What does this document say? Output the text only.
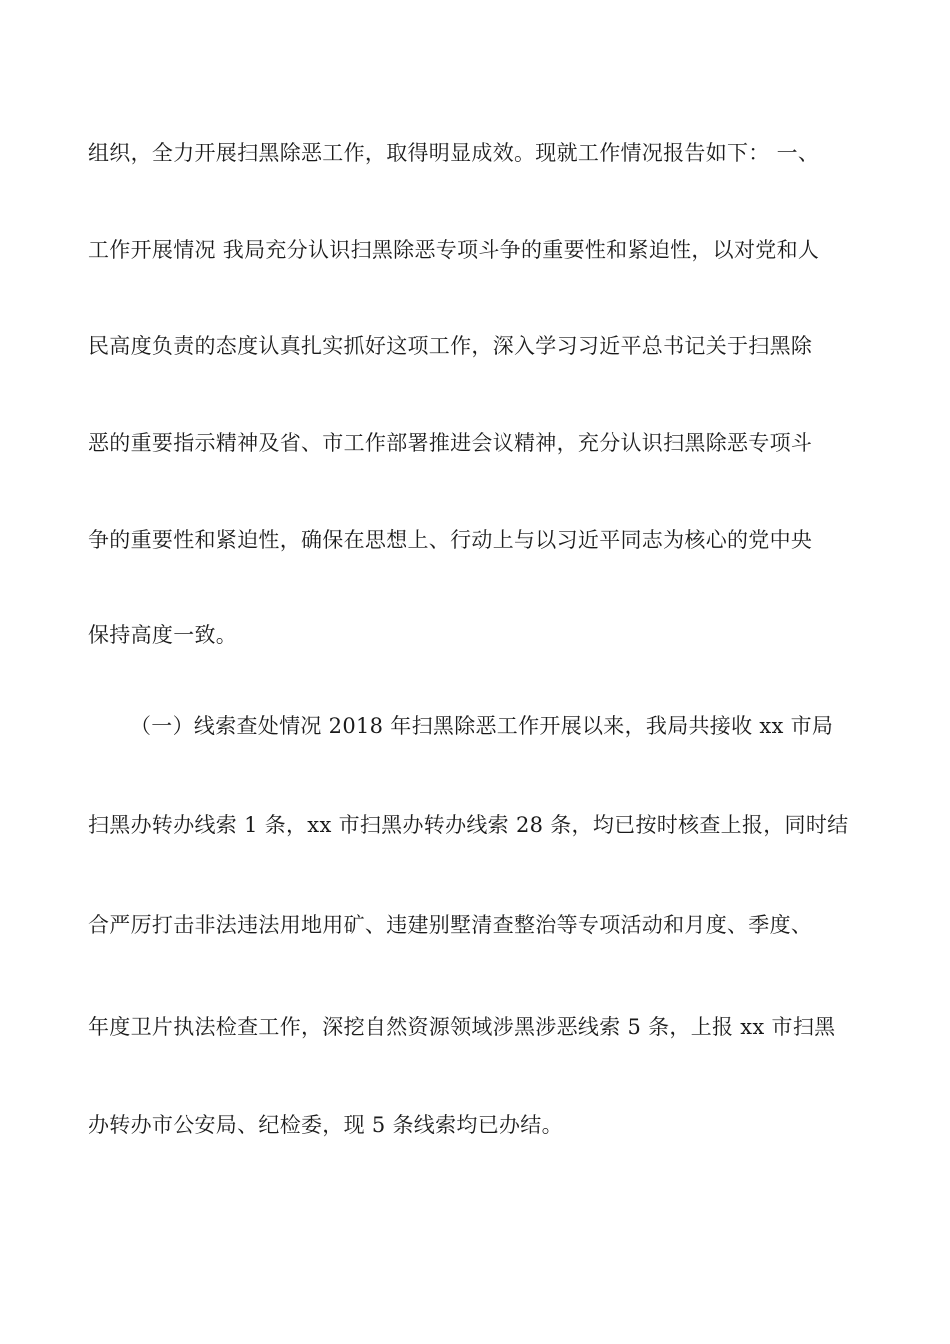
组织，全力开展扫黑除恶工作，取得明显成效。现就工作情况报告如下： 一、
工作开展情况 我局充分认识扫黑除恶专项斗争的重要性和紧迫性，以对党和人
民高度负责的态度认真扎实抓好这项工作，深入学习习近平总书记关于扫黑除
恶的重要指示精神及省、市工作部署推进会议精神，充分认识扫黑除恶专项斗
争的重要性和紧迫性，确保在思想上、行动上与以习近平同志为核心的党中央
保持高度一致。
（一）线索查处情况 2018 年扫黑除恶工作开展以来，我局共接收 xx 市局
扫黑办转办线索 1 条，xx 市扫黑办转办线索 28 条，均已按时核查上报，同时结
合严厉打击非法违法用地用矿、违建别墅清查整治等专项活动和月度、季度、
年度卫片执法检查工作，深挖自然资源领域涉黑涉恶线索 5 条，上报 xx 市扫黑
办转办市公安局、纪检委，现 5 条线索均已办结。
